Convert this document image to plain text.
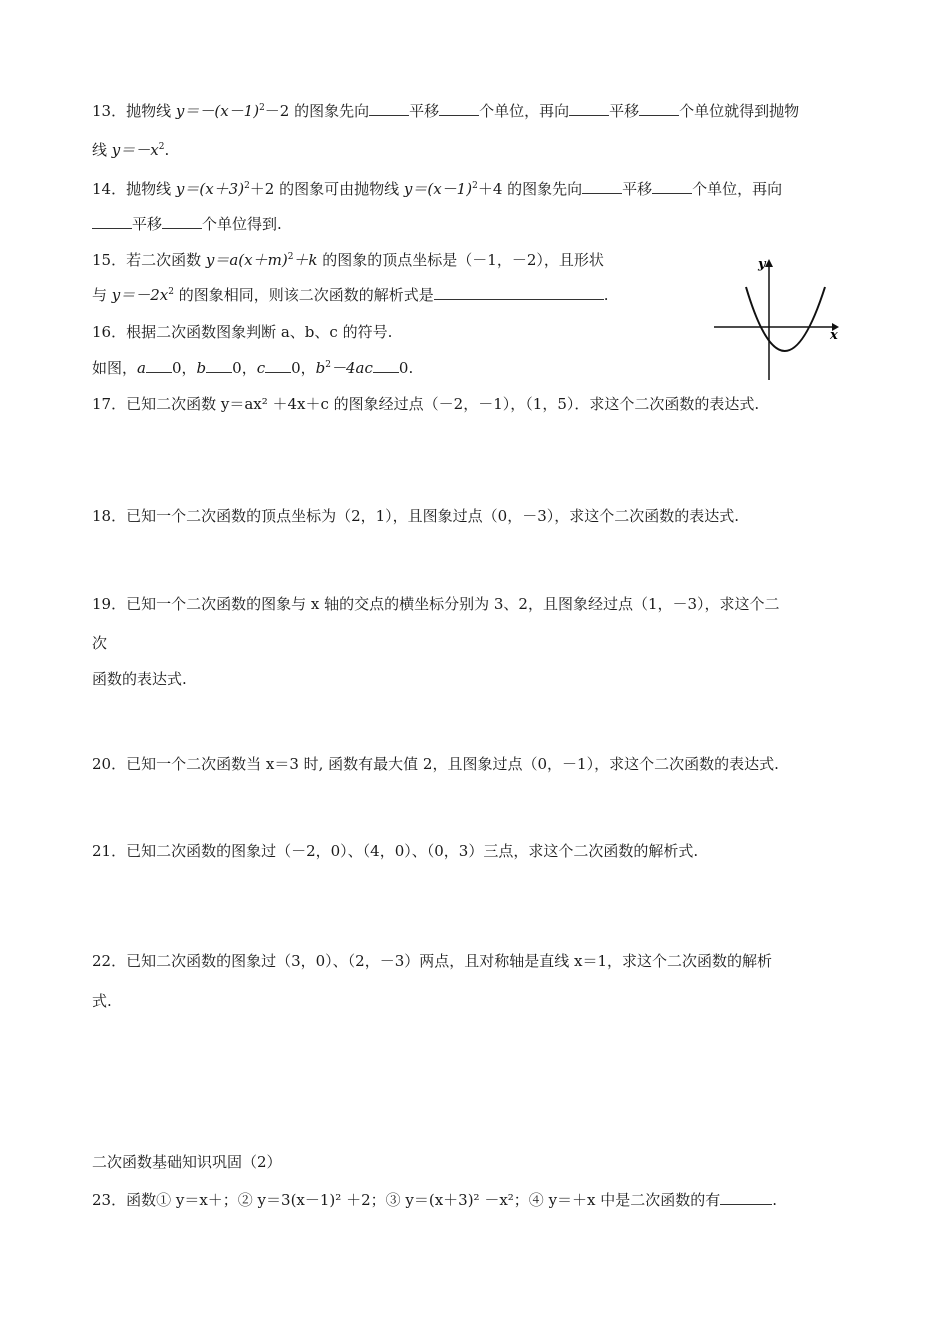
13．抛物线 $y=-(x-1)^2-2$ 的图象先向	平移	个单位，再向	平移	个单位就得到抛物
线 $y=-x^2$.
14．抛物线 $y=(x+3)^2+2$ 的图象可由抛物线 $y=(x-1)^2+4$ 的图象先向	平移	个单位，再向
平移	个单位得到.
15．若二次函数 $y=a(x+m)^2+k$ 的图象的顶点坐标是（－1，－2），且形状
与 $y=-2x^2$ 的图象相同，则该二次函数的解析式是	.
16．根据二次函数图象判断 a、b、c 的符号.
如图，a 0，b 0，c 0，$b^2-4ac$ 0.
x
y
17．已知二次函数 y＝ax² ＋4x＋c 的图象经过点（－2，－1），（1，5）．求这个二次函数的表达式.
18．已知一个二次函数的顶点坐标为（2，1），且图象过点（0，－3），求这个二次函数的表达式.
19．已知一个二次函数的图象与 x 轴的交点的横坐标分别为 3、2，且图象经过点（1，－3），求这个二
次
函数的表达式.
20．已知一个二次函数当 x＝3 时, 函数有最大值 2，且图象过点（0，－1），求这个二次函数的表达式.
21．已知二次函数的图象过（－2，0）、（4，0）、（0，3）三点，求这个二次函数的解析式.
22．已知二次函数的图象过（3，0）、（2，－3）两点，且对称轴是直线 x＝1，求这个二次函数的解析
式.
二次函数基础知识巩固（2）
23．函数① y＝x＋；② y＝3(x－1)² ＋2；③ y＝(x＋3)² －x²；④ y＝＋x 中是二次函数的有	.
